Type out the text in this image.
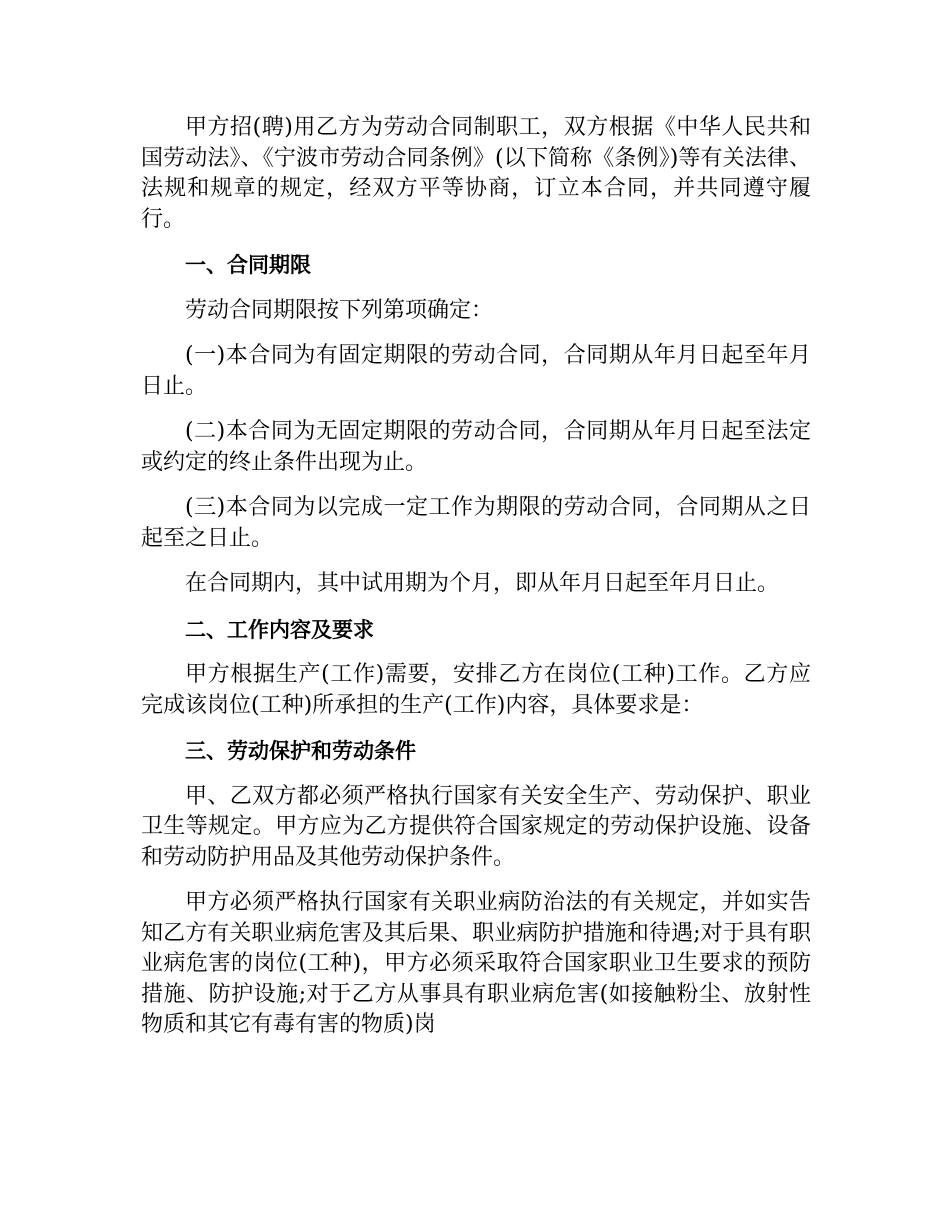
甲方招(聘)用乙方为劳动合同制职工，双方根据《中华人民共和国劳动法》、《宁波市劳动合同条例》(以下简称《条例》)等有关法律、法规和规章的规定，经双方平等协商，订立本合同，并共同遵守履行。

一、合同期限

劳动合同期限按下列第项确定：

(一)本合同为有固定期限的劳动合同，合同期从年月日起至年月日止。

(二)本合同为无固定期限的劳动合同，合同期从年月日起至法定或约定的终止条件出现为止。

(三)本合同为以完成一定工作为期限的劳动合同，合同期从之日起至之日止。

在合同期内，其中试用期为个月，即从年月日起至年月日止。

二、工作内容及要求

甲方根据生产(工作)需要，安排乙方在岗位(工种)工作。乙方应完成该岗位(工种)所承担的生产(工作)内容，具体要求是：

三、劳动保护和劳动条件

甲、乙双方都必须严格执行国家有关安全生产、劳动保护、职业卫生等规定。甲方应为乙方提供符合国家规定的劳动保护设施、设备和劳动防护用品及其他劳动保护条件。

甲方必须严格执行国家有关职业病防治法的有关规定，并如实告知乙方有关职业病危害及其后果、职业病防护措施和待遇;对于具有职业病危害的岗位(工种)，甲方必须采取符合国家职业卫生要求的预防措施、防护设施;对于乙方从事具有职业病危害(如接触粉尘、放射性物质和其它有毒有害的物质)岗
